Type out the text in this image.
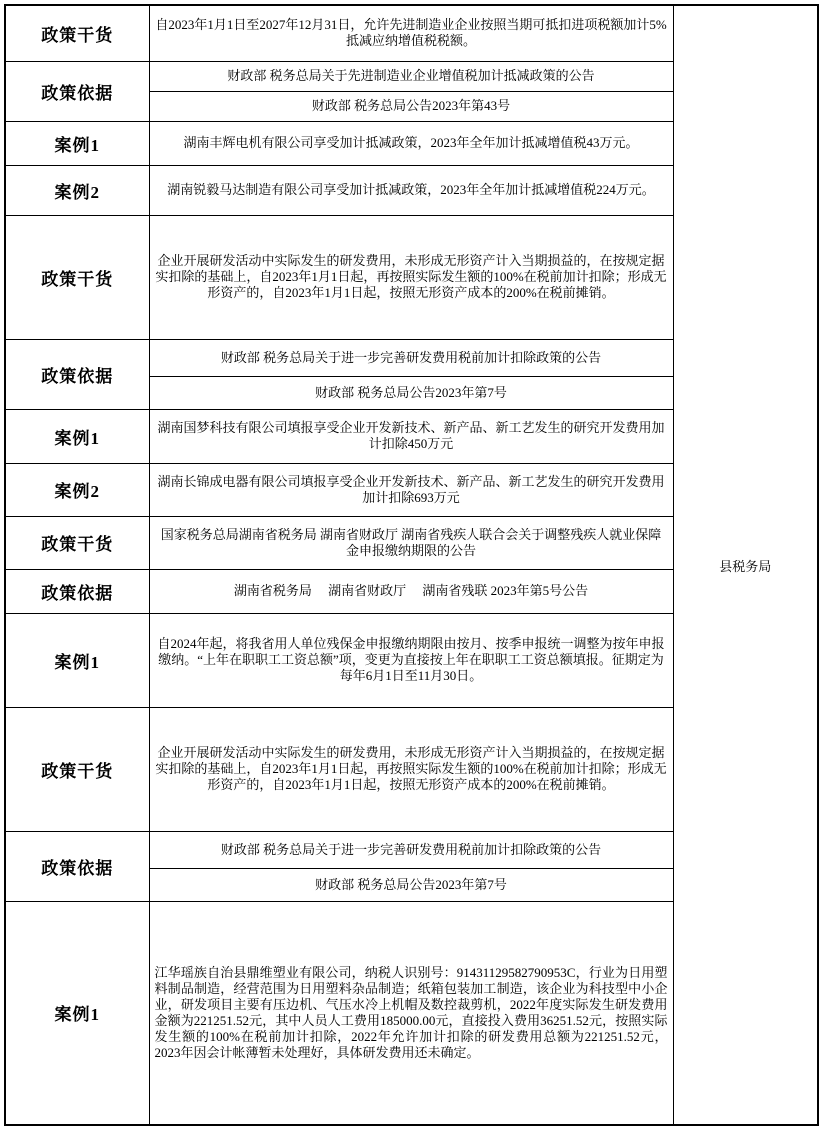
政策干货	自2023年1月1日至2027年12月31日，允许先进制造业企业按照当期可抵扣进项税额加计5%抵减应纳增值税税额。	县税务局
政策依据	财政部 税务总局关于先进制造业企业增值税加计抵减政策的公告	
	财政部 税务总局公告2023年第43号	
案例1	湖南丰辉电机有限公司享受加计抵减政策，2023年全年加计抵减增值税43万元。	
案例2	湖南锐毅马达制造有限公司享受加计抵减政策，2023年全年加计抵减增值税224万元。	
政策干货	企业开展研发活动中实际发生的研发费用，未形成无形资产计入当期损益的，在按规定据实扣除的基础上，自2023年1月1日起，再按照实际发生额的100%在税前加计扣除；形成无形资产的，自2023年1月1日起，按照无形资产成本的200%在税前摊销。	
政策依据	财政部 税务总局关于进一步完善研发费用税前加计扣除政策的公告	
	财政部 税务总局公告2023年第7号	
案例1	湖南国梦科技有限公司填报享受企业开发新技术、新产品、新工艺发生的研究开发费用加计扣除450万元	
案例2	湖南长锦成电器有限公司填报享受企业开发新技术、新产品、新工艺发生的研究开发费用加计扣除693万元	
政策干货	国家税务总局湖南省税务局 湖南省财政厅 湖南省残疾人联合会关于调整残疾人就业保障金申报缴纳期限的公告	
政策依据	湖南省税务局　 湖南省财政厅　 湖南省残联 2023年第5号公告	
案例1	自2024年起，将我省用人单位残保金申报缴纳期限由按月、按季申报统一调整为按年申报缴纳。“上年在职职工工资总额”项，变更为直接按上年在职职工工资总额填报。征期定为每年6月1日至11月30日。	
政策干货	企业开展研发活动中实际发生的研发费用，未形成无形资产计入当期损益的，在按规定据实扣除的基础上，自2023年1月1日起，再按照实际发生额的100%在税前加计扣除；形成无形资产的，自2023年1月1日起，按照无形资产成本的200%在税前摊销。	
政策依据	财政部 税务总局关于进一步完善研发费用税前加计扣除政策的公告	
	财政部 税务总局公告2023年第7号	
案例1	江华瑶族自治县鼎维塑业有限公司，纳税人识别号：91431129582790953C，行业为日用塑料制品制造，经营范围为日用塑料杂品制造；纸箱包装加工制造，该企业为科技型中小企业，研发项目主要有压边机、气压水冷上机帽及数控裁剪机，2022年度实际发生研发费用金额为221251.52元，其中人员人工费用185000.00元，直接投入费用36251.52元，按照实际发生额的100%在税前加计扣除，2022年允许加计扣除的研发费用总额为221251.52元，2023年因会计帐薄暂未处理好，具体研发费用还未确定。	
